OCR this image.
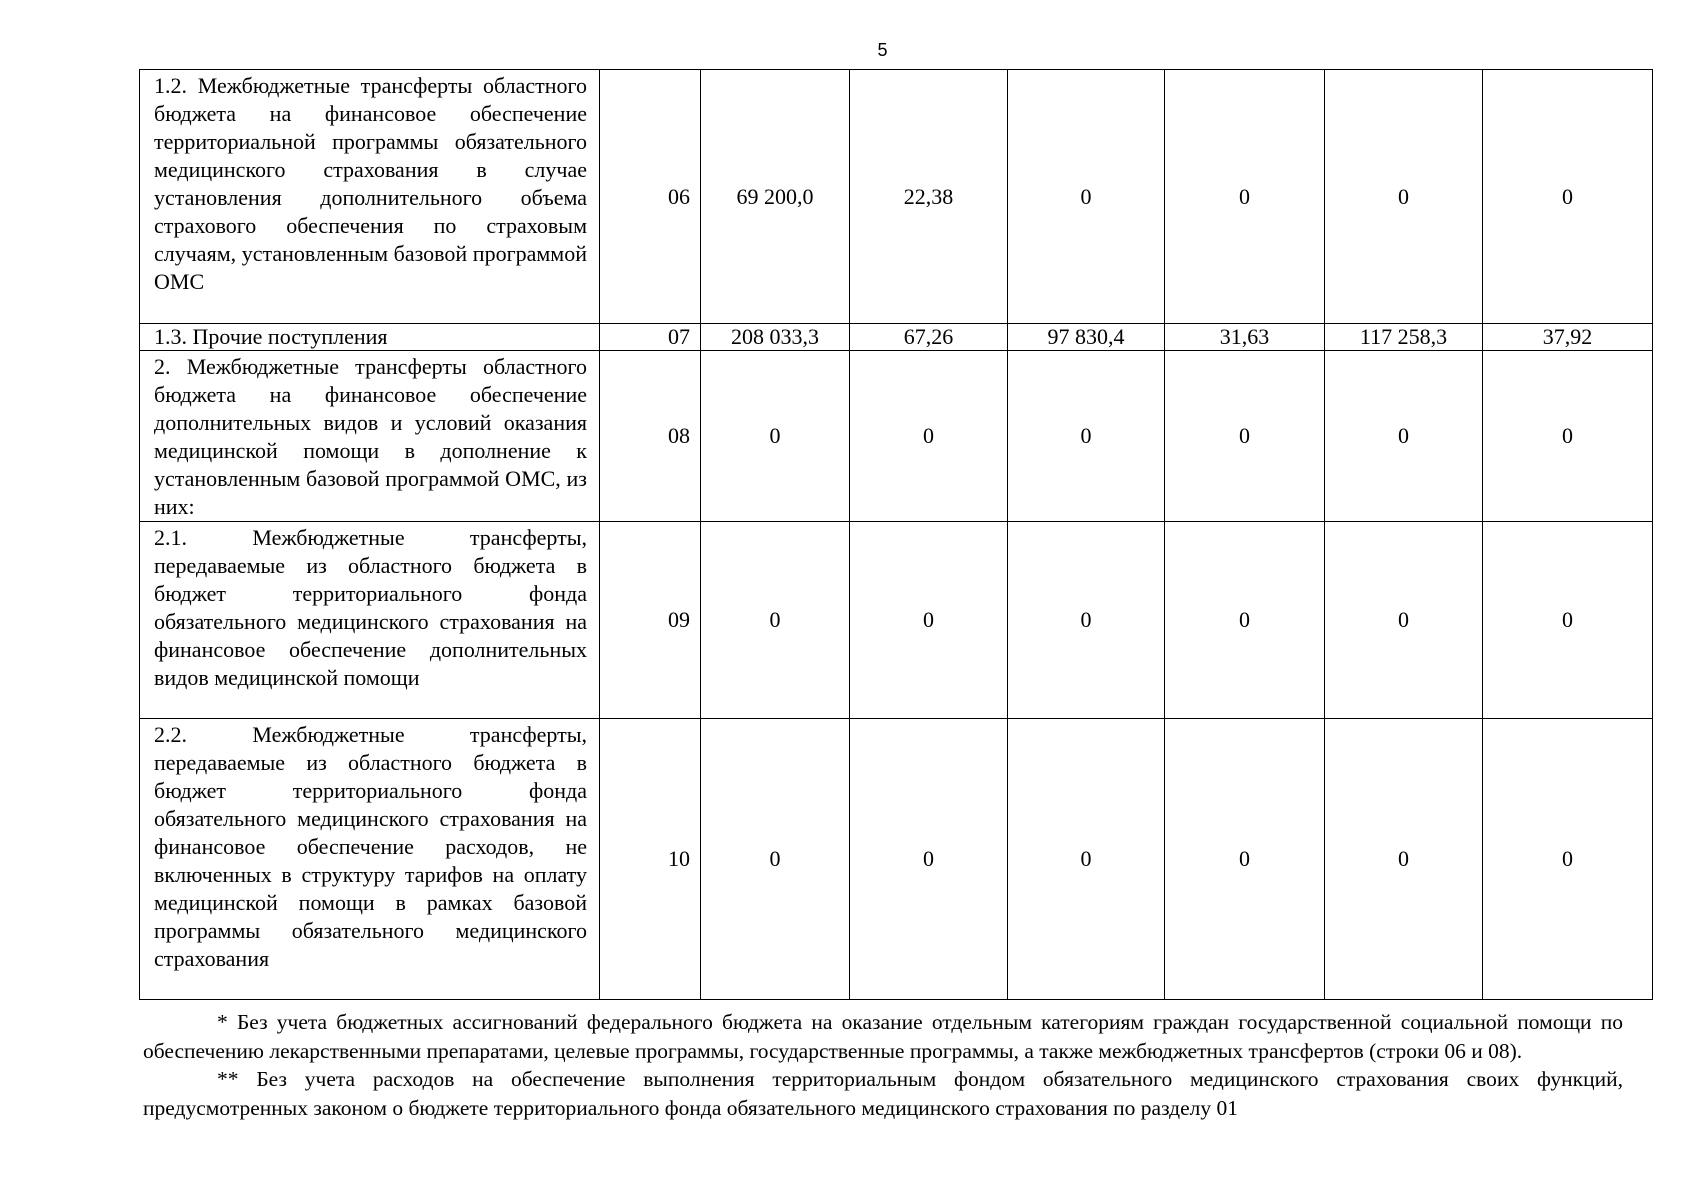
5
1.2. Межбюджетные трансферты областного бюджета на финансовое обеспечение территориальной программы обязательного медицинского страхования в случае установления дополнительного объема страхового обеспечения по страховым случаям, установленным базовой программой ОМС	06	69 200,0	22,38	0	0	0	0
1.3. Прочие поступления	07	208 033,3	67,26	97 830,4	31,63	117 258,3	37,92
2. Межбюджетные трансферты областного бюджета на финансовое обеспечение дополнительных видов и условий оказания медицинской помощи в дополнение к установленным базовой программой ОМС, из них:	08	0	0	0	0	0	0
2.1. Межбюджетные трансферты, передаваемые из областного бюджета в бюджет территориального фонда обязательного медицинского страхования на финансовое обеспечение дополнительных видов медицинской помощи	09	0	0	0	0	0	0
2.2. Межбюджетные трансферты, передаваемые из областного бюджета в бюджет территориального фонда обязательного медицинского страхования на финансовое обеспечение расходов, не включенных в структуру тарифов на оплату медицинской помощи в рамках базовой программы обязательного медицинского страхования	10	0	0	0	0	0	0

* Без учета бюджетных ассигнований федерального бюджета на оказание отдельным категориям граждан государственной социальной помощи по обеспечению лекарственными препаратами, целевые программы, государственные программы, а также межбюджетных трансфертов (строки 06 и 08).

** Без учета расходов на обеспечение выполнения территориальным фондом обязательного медицинского страхования своих функций, предусмотренных законом о бюджете территориального фонда обязательного медицинского страхования по разделу 01
